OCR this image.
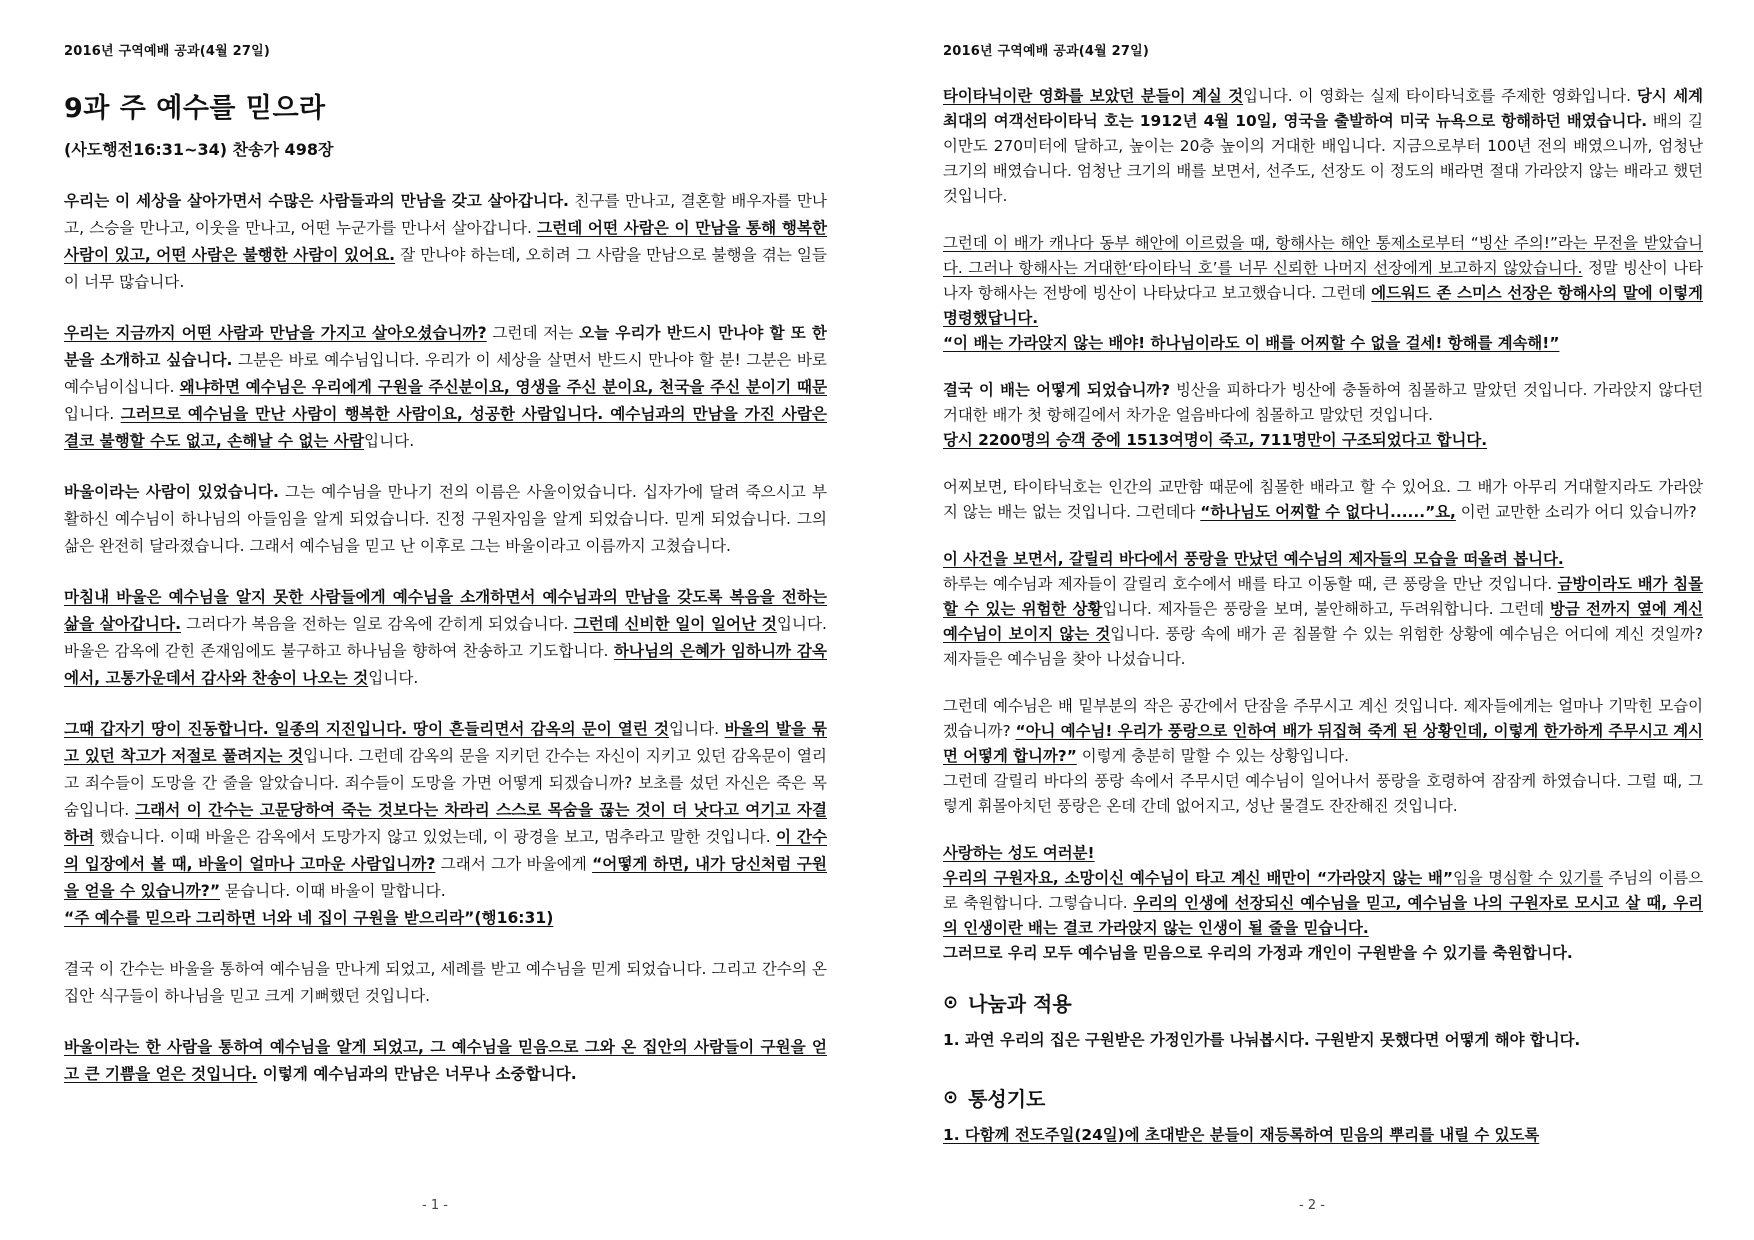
2016년 구역예배 공과(4월 27일)
9과 주 예수를 믿으라
(사도행전16:31~34) 찬송가 498장

우리는 이 세상을 살아가면서 수많은 사람들과의 만남을 갖고 살아갑니다. 친구를 만나고, 결혼할 배우자를 만나고, 스승을 만나고, 이웃을 만나고, 어떤 누군가를 만나서 살아갑니다. 그런데 어떤 사람은 이 만남을 통해 행복한 사람이 있고, 어떤 사람은 불행한 사람이 있어요. 잘 만나야 하는데, 오히려 그 사람을 만남으로 불행을 겪는 일들이 너무 많습니다.

우리는 지금까지 어떤 사람과 만남을 가지고 살아오셨습니까? 그런데 저는 오늘 우리가 반드시 만나야 할 또 한 분을 소개하고 싶습니다. 그분은 바로 예수님입니다. 우리가 이 세상을 살면서 반드시 만나야 할 분! 그분은 바로 예수님이십니다. 왜냐하면 예수님은 우리에게 구원을 주신분이요, 영생을 주신 분이요, 천국을 주신 분이기 때문입니다. 그러므로 예수님을 만난 사람이 행복한 사람이요, 성공한 사람입니다. 예수님과의 만남을 가진 사람은 결코 불행할 수도 없고, 손해날 수 없는 사람입니다.

바울이라는 사람이 있었습니다. 그는 예수님을 만나기 전의 이름은 사울이었습니다. 십자가에 달려 죽으시고 부활하신 예수님이 하나님의 아들임을 알게 되었습니다. 진정 구원자임을 알게 되었습니다. 믿게 되었습니다. 그의 삶은 완전히 달라졌습니다. 그래서 예수님을 믿고 난 이후로 그는 바울이라고 이름까지 고쳤습니다.

마침내 바울은 예수님을 알지 못한 사람들에게 예수님을 소개하면서 예수님과의 만남을 갖도록 복음을 전하는 삶을 살아갑니다. 그러다가 복음을 전하는 일로 감옥에 갇히게 되었습니다. 그런데 신비한 일이 일어난 것입니다. 바울은 감옥에 갇힌 존재임에도 불구하고 하나님을 향하여 찬송하고 기도합니다. 하나님의 은혜가 임하니까 감옥에서, 고통가운데서 감사와 찬송이 나오는 것입니다.

그때 갑자기 땅이 진동합니다. 일종의 지진입니다. 땅이 흔들리면서 감옥의 문이 열린 것입니다. 바울의 발을 묶고 있던 착고가 저절로 풀려지는 것입니다. 그런데 감옥의 문을 지키던 간수는 자신이 지키고 있던 감옥문이 열리고 죄수들이 도망을 간 줄을 알았습니다. 죄수들이 도망을 가면 어떻게 되겠습니까? 보초를 섰던 자신은 죽은 목숨입니다. 그래서 이 간수는 고문당하여 죽는 것보다는 차라리 스스로 목숨을 끊는 것이 더 낫다고 여기고 자결하려 했습니다. 이때 바울은 감옥에서 도망가지 않고 있었는데, 이 광경을 보고, 멈추라고 말한 것입니다. 이 간수의 입장에서 볼 때, 바울이 얼마나 고마운 사람입니까? 그래서 그가 바울에게 “어떻게 하면, 내가 당신처럼 구원을 얻을 수 있습니까?” 묻습니다. 이때 바울이 말합니다.
“주 예수를 믿으라 그리하면 너와 네 집이 구원을 받으리라”(행16:31)

결국 이 간수는 바울을 통하여 예수님을 만나게 되었고, 세례를 받고 예수님을 믿게 되었습니다. 그리고 간수의 온 집안 식구들이 하나님을 믿고 크게 기뻐했던 것입니다.

바울이라는 한 사람을 통하여 예수님을 알게 되었고, 그 예수님을 믿음으로 그와 온 집안의 사람들이 구원을 얻고 큰 기쁨을 얻은 것입니다. 이렇게 예수님과의 만남은 너무나 소중합니다.

- 1 -
2016년 구역예배 공과(4월 27일)

타이타닉이란 영화를 보았던 분들이 계실 것입니다. 이 영화는 실제 타이타닉호를 주제한 영화입니다. 당시 세계 최대의 여객선타이타닉 호는 1912년 4월 10일, 영국을 출발하여 미국 뉴욕으로 항해하던 배였습니다. 배의 길이만도 270미터에 달하고, 높이는 20층 높이의 거대한 배입니다. 지금으로부터 100년 전의 배였으니까, 엄청난 크기의 배였습니다. 엄청난 크기의 배를 보면서, 선주도, 선장도 이 정도의 배라면 절대 가라앉지 않는 배라고 했던 것입니다.

그런데 이 배가 캐나다 동부 해안에 이르렀을 때, 항해사는 해안 통제소로부터 “빙산 주의!”라는 무전을 받았습니다. 그러나 항해사는 거대한‘타이타닉 호’를 너무 신뢰한 나머지 선장에게 보고하지 않았습니다. 정말 빙산이 나타나자 항해사는 전방에 빙산이 나타났다고 보고했습니다. 그런데 에드워드 존 스미스 선장은 항해사의 말에 이렇게 명령했답니다.
“이 배는 가라앉지 않는 배야! 하나님이라도 이 배를 어찌할 수 없을 걸세! 항해를 계속해!”

결국 이 배는 어떻게 되었습니까? 빙산을 피하다가 빙산에 충돌하여 침몰하고 말았던 것입니다. 가라앉지 않다던 거대한 배가 첫 항해길에서 차가운 얼음바다에 침몰하고 말았던 것입니다.
당시 2200명의 승객 중에 1513여명이 죽고, 711명만이 구조되었다고 합니다.

어찌보면, 타이타닉호는 인간의 교만함 때문에 침몰한 배라고 할 수 있어요. 그 배가 아무리 거대할지라도 가라앉지 않는 배는 없는 것입니다. 그런데다 “하나님도 어찌할 수 없다니......”요, 이런 교만한 소리가 어디 있습니까?

이 사건을 보면서, 갈릴리 바다에서 풍랑을 만났던 예수님의 제자들의 모습을 떠올려 봅니다.
하루는 예수님과 제자들이 갈릴리 호수에서 배를 타고 이동할 때, 큰 풍랑을 만난 것입니다. 금방이라도 배가 침몰할 수 있는 위험한 상황입니다. 제자들은 풍랑을 보며, 불안해하고, 두려워합니다. 그런데 방금 전까지 옆에 계신 예수님이 보이지 않는 것입니다. 풍랑 속에 배가 곧 침몰할 수 있는 위험한 상황에 예수님은 어디에 계신 것일까? 제자들은 예수님을 찾아 나섰습니다.

그런데 예수님은 배 밑부분의 작은 공간에서 단잠을 주무시고 계신 것입니다. 제자들에게는 얼마나 기막힌 모습이겠습니까? “아니 예수님! 우리가 풍랑으로 인하여 배가 뒤집혀 죽게 된 상황인데, 이렇게 한가하게 주무시고 계시면 어떻게 합니까?” 이렇게 충분히 말할 수 있는 상황입니다.
그런데 갈릴리 바다의 풍랑 속에서 주무시던 예수님이 일어나서 풍랑을 호령하여 잠잠케 하였습니다. 그럴 때, 그렇게 휘몰아치던 풍랑은 온데 간데 없어지고, 성난 물결도 잔잔해진 것입니다.

사랑하는 성도 여러분!
우리의 구원자요, 소망이신 예수님이 타고 계신 배만이 “가라앉지 않는 배”임을 명심할 수 있기를 주님의 이름으로 축원합니다. 그렇습니다. 우리의 인생에 선장되신 예수님을 믿고, 예수님을 나의 구원자로 모시고 살 때, 우리의 인생이란 배는 결코 가라앉지 않는 인생이 될 줄을 믿습니다.
그러므로 우리 모두 예수님을 믿음으로 우리의 가정과 개인이 구원받을 수 있기를 축원합니다.

⊙ 나눔과 적용
1. 과연 우리의 집은 구원받은 가정인가를 나눠봅시다. 구원받지 못했다면 어떻게 해야 합니다.
⊙ 통성기도
1. 다함께 전도주일(24일)에 초대받은 분들이 재등록하여 믿음의 뿌리를 내릴 수 있도록
- 2 -
